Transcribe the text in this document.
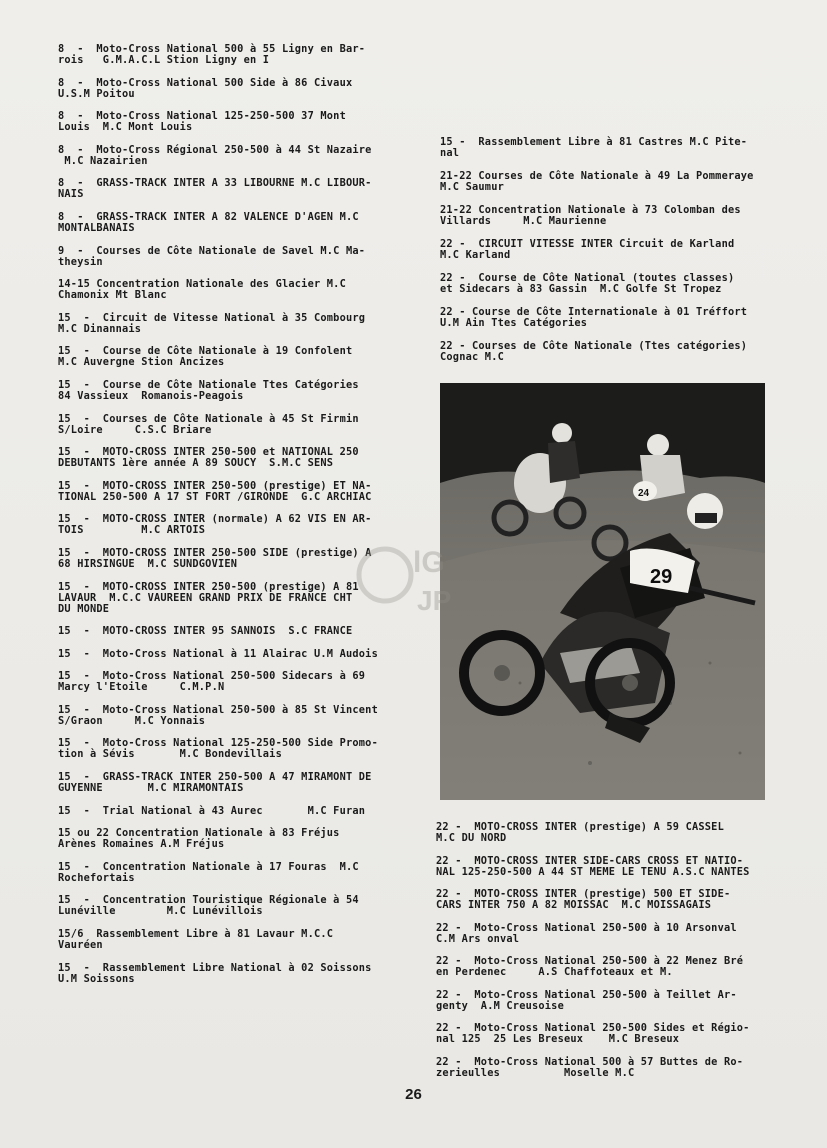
8  -  Moto-Cross National 500 à 55 Ligny en Bar-
rois   G.M.A.C.L Stion Ligny en I

8  -  Moto-Cross National 500 Side à 86 Civaux
U.S.M Poitou

8  -  Moto-Cross National 125-250-500 37 Mont
Louis  M.C Mont Louis

8  -  Moto-Cross Régional 250-500 à 44 St Nazaire
M.C Nazairien

8  -  GRASS-TRACK INTER A 33 LIBOURNE M.C LIBOUR-
NAIS

8  -  GRASS-TRACK INTER A 82 VALENCE D'AGEN M.C
MONTALBANAIS

9  -  Courses de Côte Nationale de Savel M.C Ma-
theysin

14-15 Concentration Nationale des Glacier M.C
Chamonix Mt Blanc

15  -  Circuit de Vitesse National à 35 Combourg
M.C Dinannais

15  -  Course de Côte Nationale à 19 Confolent
M.C Auvergne Stion Ancizes

15  -  Course de Côte Nationale Ttes Catégories
84 Vassieux  Romanois-Peagois

15  -  Courses de Côte Nationale à 45 St Firmin
S/Loire     C.S.C Briare

15  -  MOTO-CROSS INTER 250-500 et NATIONAL 250
DEBUTANTS 1ère année A 89 SOUCY  S.M.C SENS

15  -  MOTO-CROSS INTER 250-500 (prestige) ET NA-
TIONAL 250-500 A 17 ST FORT /GIRONDE  G.C ARCHIAC

15  -  MOTO-CROSS INTER (normale) A 62 VIS EN AR-
TOIS         M.C ARTOIS

15  -  MOTO-CROSS INTER 250-500 SIDE (prestige) A
68 HIRSINGUE  M.C SUNDGOVIEN

15  -  MOTO-CROSS INTER 250-500 (prestige) A 81
LAVAUR  M.C.C VAUREEN GRAND PRIX DE FRANCE CHT
DU MONDE

15  -  MOTO-CROSS INTER 95 SANNOIS  S.C FRANCE

15  -  Moto-Cross National à 11 Alairac U.M Audois

15  -  Moto-Cross National 250-500 Sidecars à 69
Marcy l'Etoile     C.M.P.N

15  -  Moto-Cross National 250-500 à 85 St Vincent
S/Graon     M.C Yonnais

15  -  Moto-Cross National 125-250-500 Side Promo-
tion à Sévis       M.C Bondevillais

15  -  GRASS-TRACK INTER 250-500 A 47 MIRAMONT DE
GUYENNE       M.C MIRAMONTAIS

15  -  Trial National à 43 Aurec       M.C Furan

15 ou 22 Concentration Nationale à 83 Fréjus
Arènes Romaines A.M Fréjus

15  -  Concentration Nationale à 17 Fouras  M.C
Rochefortais

15  -  Concentration Touristique Régionale à 54
Lunéville        M.C Lunévillois

15/6  Rassemblement Libre à 81 Lavaur M.C.C
Vauréen

15  -  Rassemblement Libre National à 02 Soissons
U.M Soissons

15 -  Rassemblement Libre à 81 Castres M.C Pite-
nal

21-22 Courses de Côte Nationale à 49 La Pommeraye
M.C Saumur

21-22 Concentration Nationale à 73 Colomban des
Villards     M.C Maurienne

22 -  CIRCUIT VITESSE INTER Circuit de Karland
M.C Karland

22 -  Course de Côte National (toutes classes)
et Sidecars à 83 Gassin  M.C Golfe St Tropez

22 - Course de Côte Internationale à 01 Tréffort
U.M Ain Ttes Catégories

22 - Courses de Côte Nationale (Ttes catégories)
Cognac M.C

24
29

22 -  MOTO-CROSS INTER (prestige) A 59 CASSEL
M.C DU NORD

22 -  MOTO-CROSS INTER SIDE-CARS CROSS ET NATIO-
NAL 125-250-500 A 44 ST MEME LE TENU A.S.C NANTES

22 -  MOTO-CROSS INTER (prestige) 500 ET SIDE-
CARS INTER 750 A 82 MOISSAC  M.C MOISSAGAIS

22 -  Moto-Cross National 250-500 à 10 Arsonval
C.M Ars onval

22 -  Moto-Cross National 250-500 à 22 Menez Bré
en Perdenec     A.S Chaffoteaux et M.

22 -  Moto-Cross National 250-500 à Teillet Ar-
genty  A.M Creusoise

22 -  Moto-Cross National 250-500 Sides et Régio-
nal 125  25 Les Breseux    M.C Breseux

22 -  Moto-Cross National 500 à 57 Buttes de Ro-
zerieulles          Moselle M.C

lG
JP
26
